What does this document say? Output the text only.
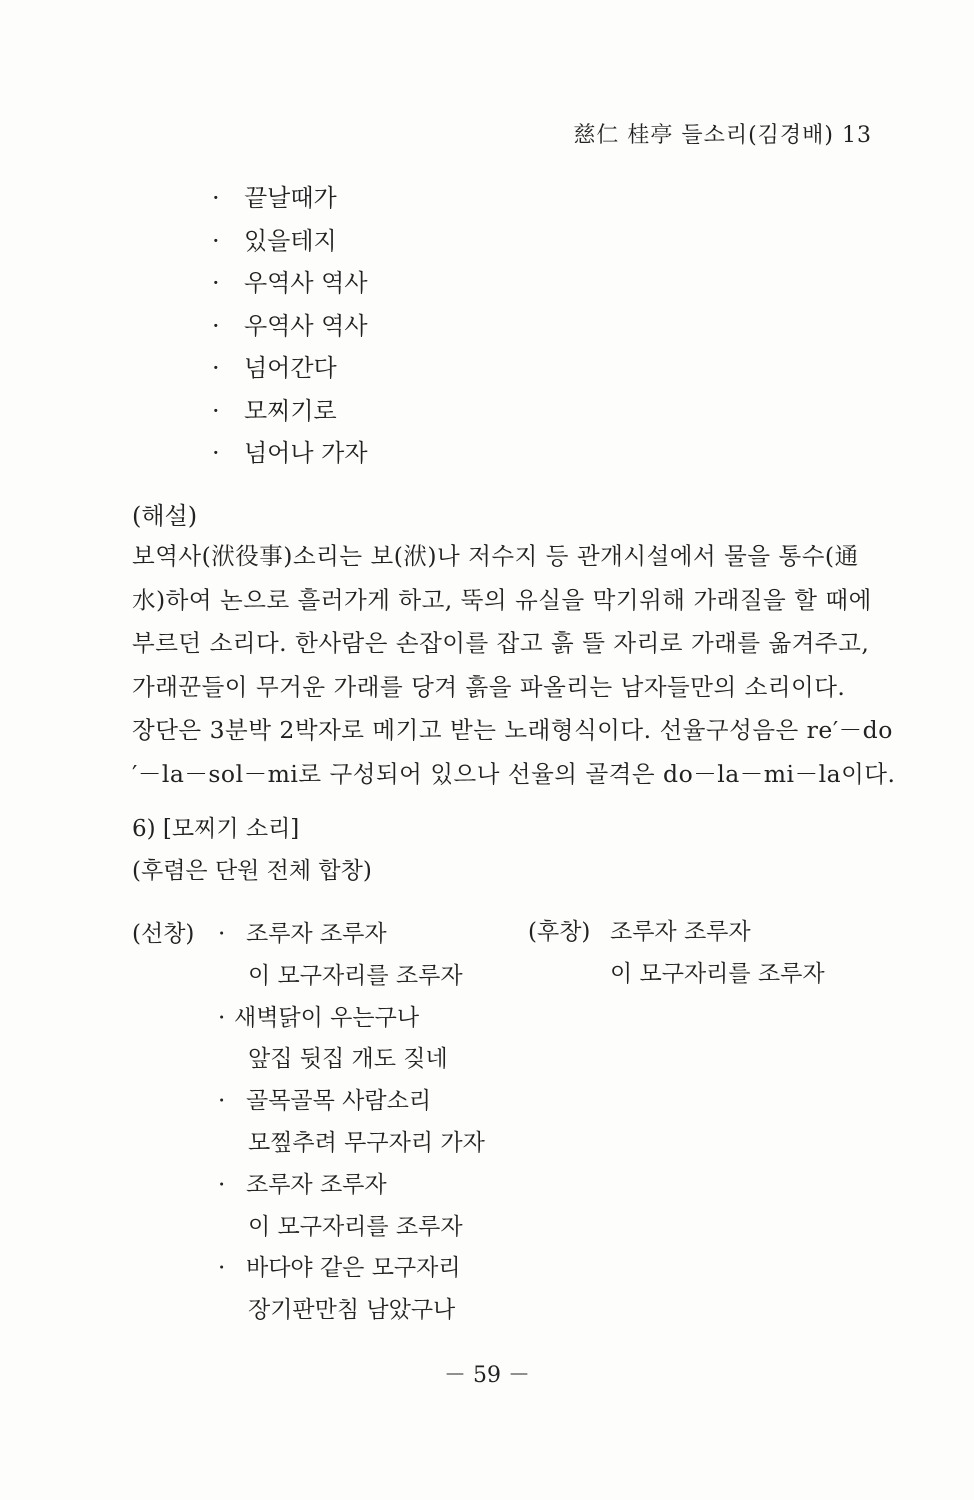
慈仁 桂亭 들소리(김경배) 13
· 끝날때가
· 있을테지
· 우역사 역사
· 우역사 역사
· 넘어간다
· 모찌기로
· 넘어나 가자
(해설)
보역사(洑役事)소리는 보(洑)나 저수지 등 관개시설에서 물을 통수(通
水)하여 논으로 흘러가게 하고, 뚝의 유실을 막기위해 가래질을 할 때에
부르던 소리다. 한사람은 손잡이를 잡고 흙 뜰 자리로 가래를 옮겨주고,
가래꾼들이 무거운 가래를 당겨 흙을 파올리는 남자들만의 소리이다.
장단은 3분박 2박자로 메기고 받는 노래형식이다. 선율구성음은 re′－do
′－la－sol－mi로 구성되어 있으나 선율의 골격은 do－la－mi－la이다.
6) [모찌기 소리]
(후렴은 단원 전체 합창)
(선창) · 조루자 조루자
이 모구자리를 조루자
· 새벽닭이 우는구나
앞집 뒷집 개도 짖네
· 골목골목 사람소리
모찦추려 무구자리 가자
· 조루자 조루자
이 모구자리를 조루자
· 바다야 같은 모구자리
장기판만침 남았구나
(후창) 조루자 조루자
이 모구자리를 조루자
－ 59 －
